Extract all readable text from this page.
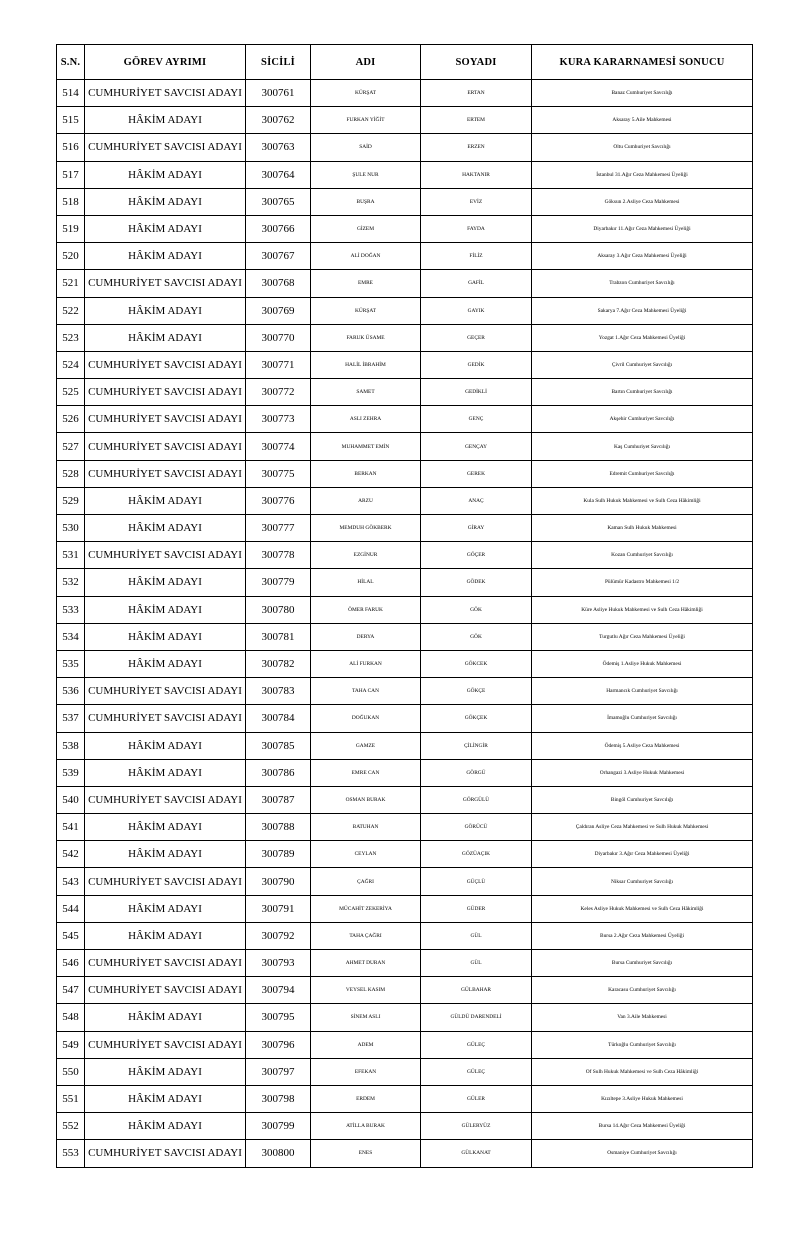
S.N.	GÖREV AYRIMI	SİCİLİ	ADI	SOYADI	KURA KARARNAMESİ SONUCU
514	CUMHURİYET SAVCISI ADAYI	300761	KÜRŞAT	ERTAN	Banaz Cumhuriyet Savcılığı
515	HÂKİM ADAYI	300762	FURKAN YİĞİT	ERTEM	Aksaray 5.Aile Mahkemesi
516	CUMHURİYET SAVCISI ADAYI	300763	SAİD	ERZEN	Oltu Cumhuriyet Savcılığı
517	HÂKİM ADAYI	300764	ŞULE NUR	HAKTANIR	İstanbul 31.Ağır Ceza Mahkemesi Üyeliği
518	HÂKİM ADAYI	300765	BUŞRA	EVİZ	Göksun 2.Asliye Ceza Mahkemesi
519	HÂKİM ADAYI	300766	GİZEM	FAYDA	Diyarbakır 11.Ağır Ceza Mahkemesi Üyeliği
520	HÂKİM ADAYI	300767	ALİ DOĞAN	FİLİZ	Aksaray 3.Ağır Ceza Mahkemesi Üyeliği
521	CUMHURİYET SAVCISI ADAYI	300768	EMRE	GAFİL	Trabzon Cumhuriyet Savcılığı
522	HÂKİM ADAYI	300769	KÜRŞAT	GAYIK	Sakarya 7.Ağır Ceza Mahkemesi Üyeliği
523	HÂKİM ADAYI	300770	FARUK ÜSAME	GEÇER	Yozgat 1.Ağır Ceza Mahkemesi Üyeliği
524	CUMHURİYET SAVCISI ADAYI	300771	HALİL İBRAHİM	GEDİK	Çivril Cumhuriyet Savcılığı
525	CUMHURİYET SAVCISI ADAYI	300772	SAMET	GEDİKLİ	Bartın Cumhuriyet Savcılığı
526	CUMHURİYET SAVCISI ADAYI	300773	ASLI ZEHRA	GENÇ	Akşehir Cumhuriyet Savcılığı
527	CUMHURİYET SAVCISI ADAYI	300774	MUHAMMET EMİN	GENÇAY	Kaş Cumhuriyet Savcılığı
528	CUMHURİYET SAVCISI ADAYI	300775	BERKAN	GEREK	Edremit Cumhuriyet Savcılığı
529	HÂKİM ADAYI	300776	ARZU	ANAÇ	Kula Sulh Hukuk Mahkemesi ve Sulh Ceza Hâkimliği
530	HÂKİM ADAYI	300777	MEMDUH GÖKBERK	GİRAY	Kaman Sulh Hukuk Mahkemesi
531	CUMHURİYET SAVCISI ADAYI	300778	EZGİNUR	GÖÇER	Kozan Cumhuriyet Savcılığı
532	HÂKİM ADAYI	300779	HİLAL	GÖDEK	Pülümür Kadastro Mahkemesi 1/2
533	HÂKİM ADAYI	300780	ÖMER FARUK	GÖK	Küre Asliye Hukuk Mahkemesi ve Sulh Ceza Hâkimliği
534	HÂKİM ADAYI	300781	DERYA	GÖK	Turgutlu Ağır Ceza Mahkemesi Üyeliği
535	HÂKİM ADAYI	300782	ALİ FURKAN	GÖKCEK	Ödemiş 1.Asliye Hukuk Mahkemesi
536	CUMHURİYET SAVCISI ADAYI	300783	TAHA CAN	GÖKÇE	Harmancık Cumhuriyet Savcılığı
537	CUMHURİYET SAVCISI ADAYI	300784	DOĞUKAN	GÖKÇEK	İmamoğlu Cumhuriyet Savcılığı
538	HÂKİM ADAYI	300785	GAMZE	ÇİLİNGİR	Ödemiş 5.Asliye Ceza Mahkemesi
539	HÂKİM ADAYI	300786	EMRE CAN	GÖRGÜ	Orhangazi 3.Asliye Hukuk Mahkemesi
540	CUMHURİYET SAVCISI ADAYI	300787	OSMAN BURAK	GÖRGÜLÜ	Bingöl Cumhuriyet Savcılığı
541	HÂKİM ADAYI	300788	BATUHAN	GÖRÜCÜ	Çaldıran Asliye Ceza Mahkemesi ve Sulh Hukuk Mahkemesi
542	HÂKİM ADAYI	300789	CEYLAN	GÖZÜAÇIK	Diyarbakır 3.Ağır Ceza Mahkemesi Üyeliği
543	CUMHURİYET SAVCISI ADAYI	300790	ÇAĞRI	GÜÇLÜ	Niksar Cumhuriyet Savcılığı
544	HÂKİM ADAYI	300791	MÜCAHİT ZEKERİYA	GÜDER	Keles Asliye Hukuk Mahkemesi ve Sulh Ceza Hâkimliği
545	HÂKİM ADAYI	300792	TAHA ÇAĞRI	GÜL	Bursa 2.Ağır Ceza Mahkemesi Üyeliği
546	CUMHURİYET SAVCISI ADAYI	300793	AHMET DURAN	GÜL	Bursa Cumhuriyet Savcılığı
547	CUMHURİYET SAVCISI ADAYI	300794	VEYSEL KASIM	GÜLBAHAR	Karacasu Cumhuriyet Savcılığı
548	HÂKİM ADAYI	300795	SİNEM ASLI	GÜLDÜ DARENDELİ	Van 3.Aile Mahkemesi
549	CUMHURİYET SAVCISI ADAYI	300796	ADEM	GÜLEÇ	Türkoğlu Cumhuriyet Savcılığı
550	HÂKİM ADAYI	300797	EFEKAN	GÜLEÇ	Of Sulh Hukuk Mahkemesi ve Sulh Ceza Hâkimliği
551	HÂKİM ADAYI	300798	ERDEM	GÜLER	Kızıltepe 3.Asliye Hukuk Mahkemesi
552	HÂKİM ADAYI	300799	ATİLLA BURAK	GÜLERYÜZ	Bursa 14.Ağır Ceza Mahkemesi Üyeliği
553	CUMHURİYET SAVCISI ADAYI	300800	ENES	GÜLKANAT	Osmaniye Cumhuriyet Savcılığı
